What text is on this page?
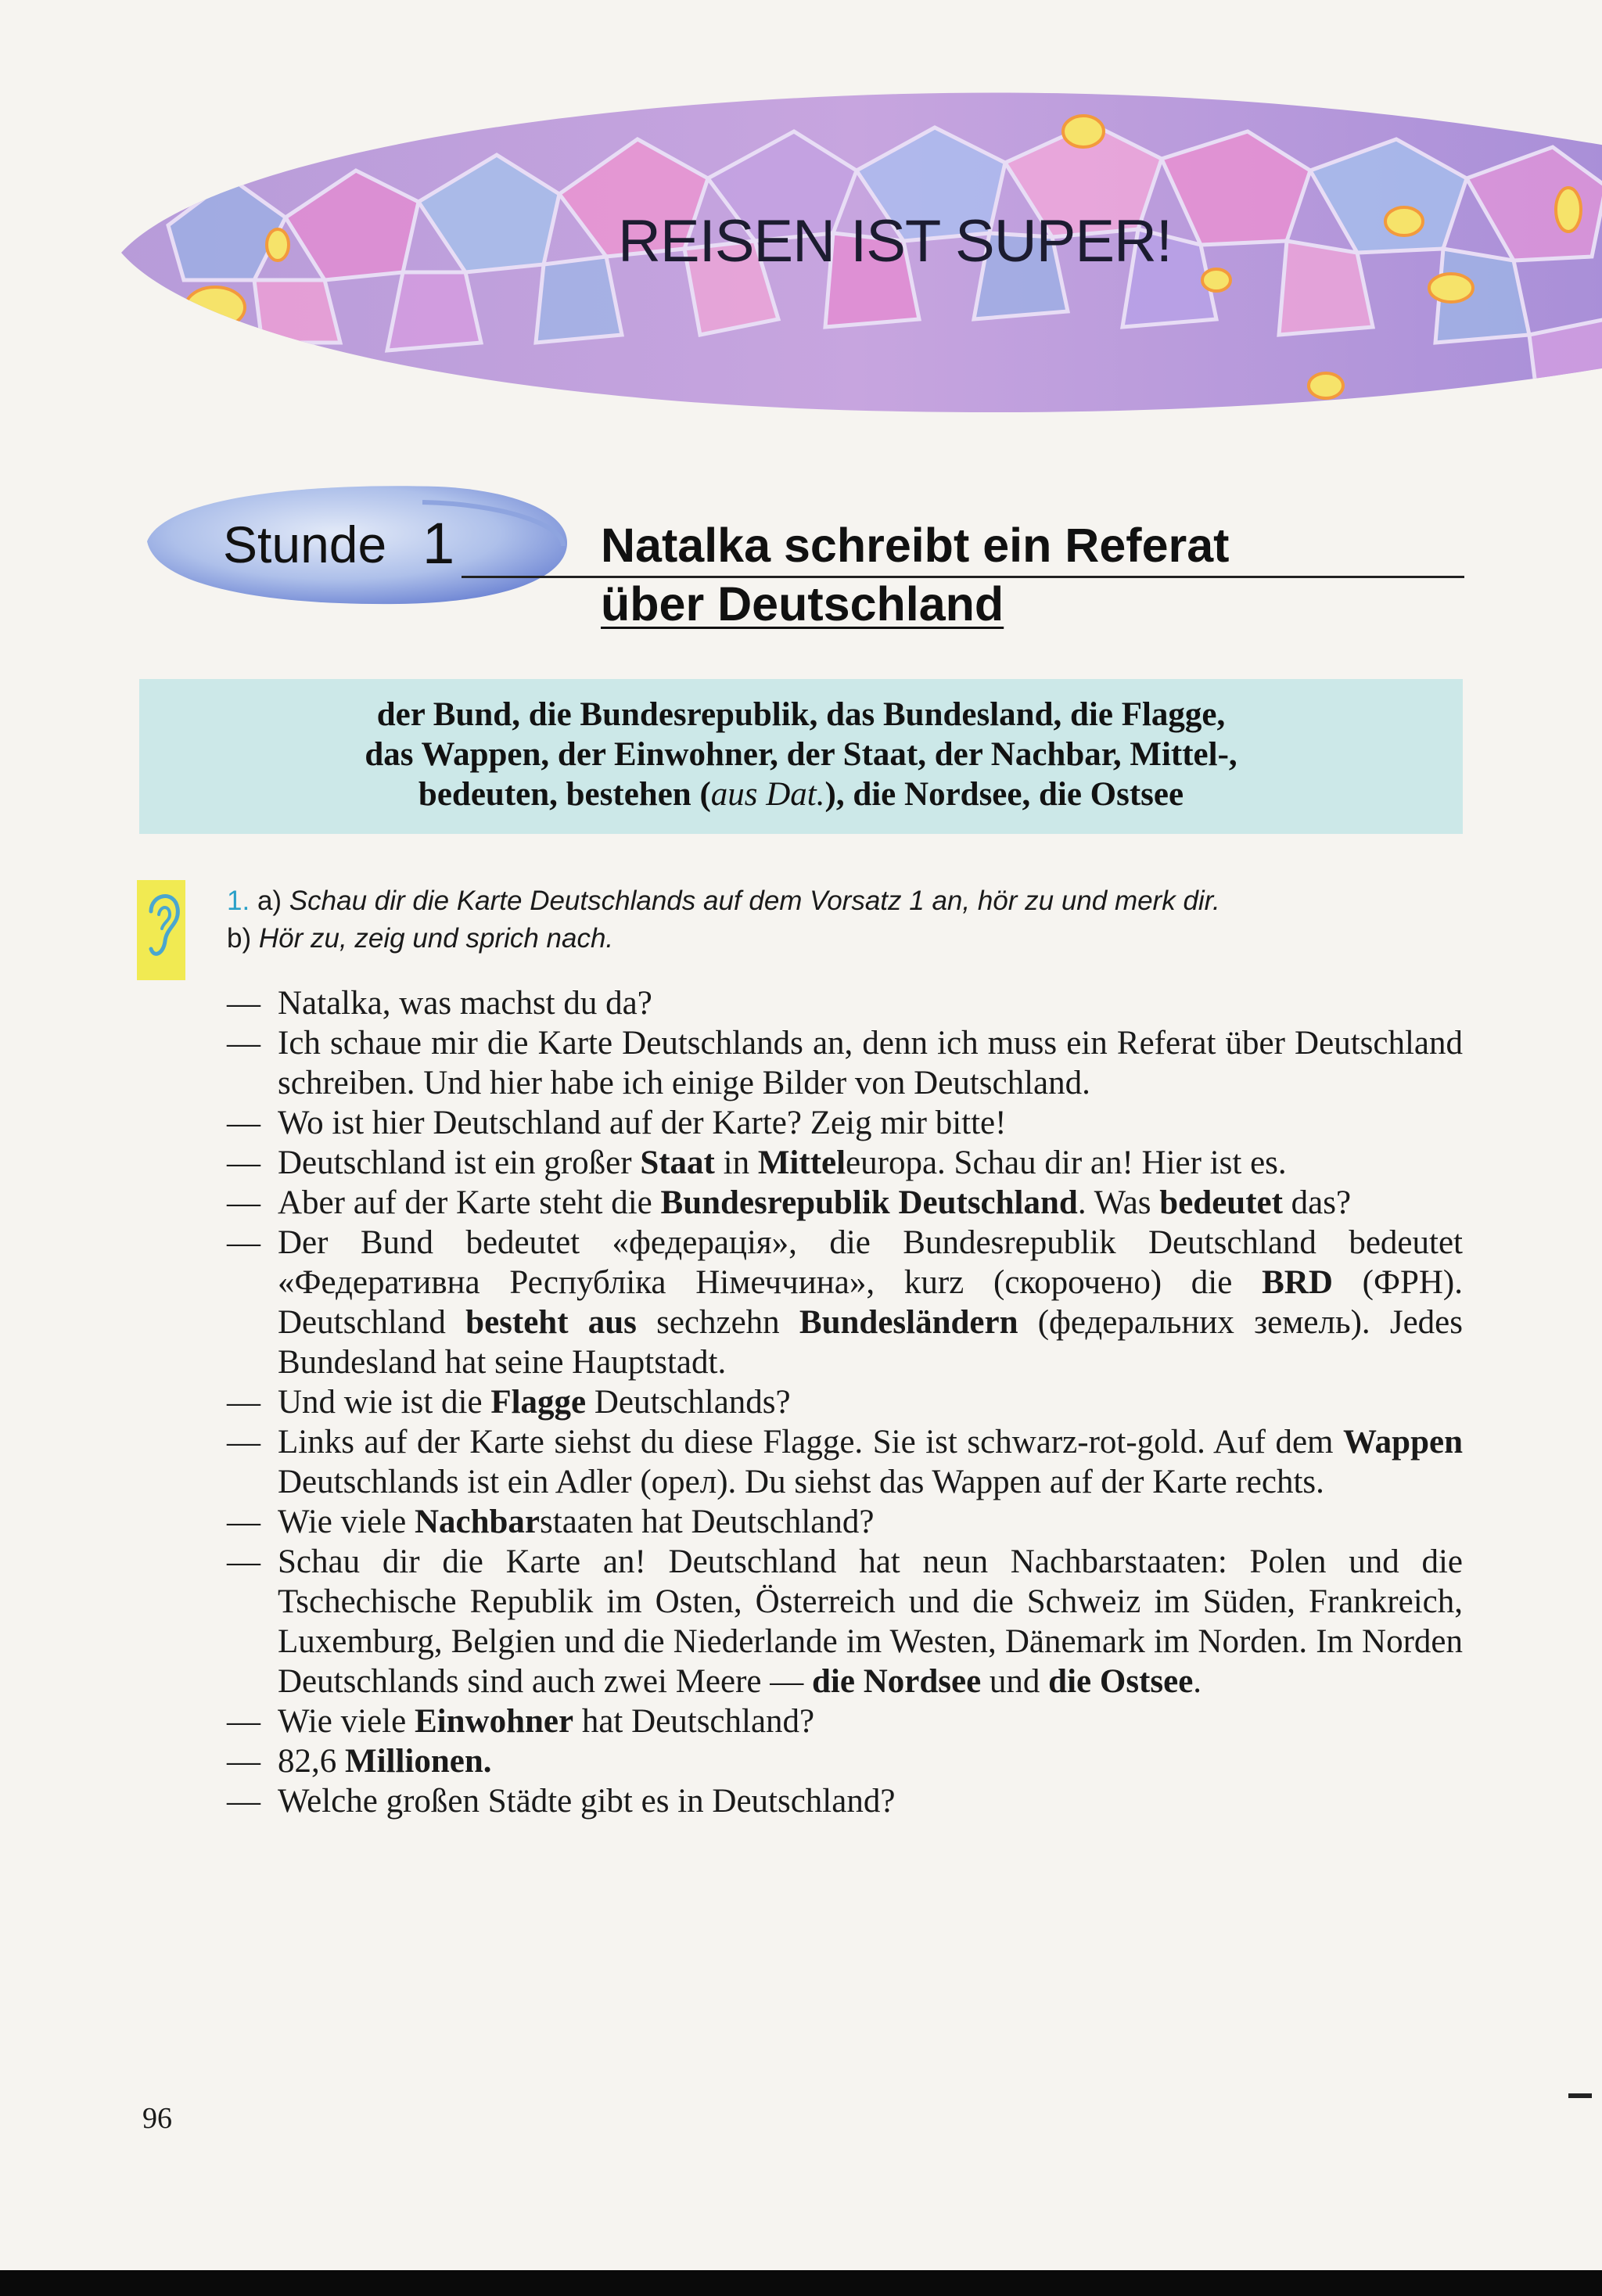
REISEN IST SUPER!
Stunde 1	Natalka schreibt ein Referat
über Deutschland
der Bund, die Bundesrepublik, das Bundesland, die Flagge,
das Wappen, der Einwohner, der Staat, der Nachbar, Mittel-,
bedeuten, bestehen (aus Dat.), die Nordsee, die Ostsee
1. a) Schau dir die Karte Deutschlands auf dem Vorsatz 1 an, hör zu und merk dir.
b) Hör zu, zeig und sprich nach.
— Natalka, was machst du da?
— Ich schaue mir die Karte Deutschlands an, denn ich muss ein Referat über Deutschland schreiben. Und hier habe ich einige Bilder von Deutschland.
— Wo ist hier Deutschland auf der Karte? Zeig mir bitte!
— Deutschland ist ein großer Staat in Mitteleuropa. Schau dir an! Hier ist es.
— Aber auf der Karte steht die Bundesrepublik Deutschland. Was bedeutet das?
— Der Bund bedeutet «федерація», die Bundesrepublik Deutschland bedeutet «Федеративна Республіка Німеччина», kurz (скорочено) die BRD (ФРН). Deutschland besteht aus sechzehn Bundesländern (федеральних земель). Jedes Bundesland hat seine Hauptstadt.
— Und wie ist die Flagge Deutschlands?
— Links auf der Karte siehst du diese Flagge. Sie ist schwarz-rot-gold. Auf dem Wappen Deutschlands ist ein Adler (орел). Du siehst das Wappen auf der Karte rechts.
— Wie viele Nachbarstaaten hat Deutschland?
— Schau dir die Karte an! Deutschland hat neun Nachbarstaaten: Polen und die Tschechische Republik im Osten, Österreich und die Schweiz im Süden, Frankreich, Luxemburg, Belgien und die Niederlande im Westen, Dänemark im Norden. Im Norden Deutschlands sind auch zwei Meere — die Nordsee und die Ostsee.
— Wie viele Einwohner hat Deutschland?
— 82,6 Millionen.
— Welche großen Städte gibt es in Deutschland?
96
